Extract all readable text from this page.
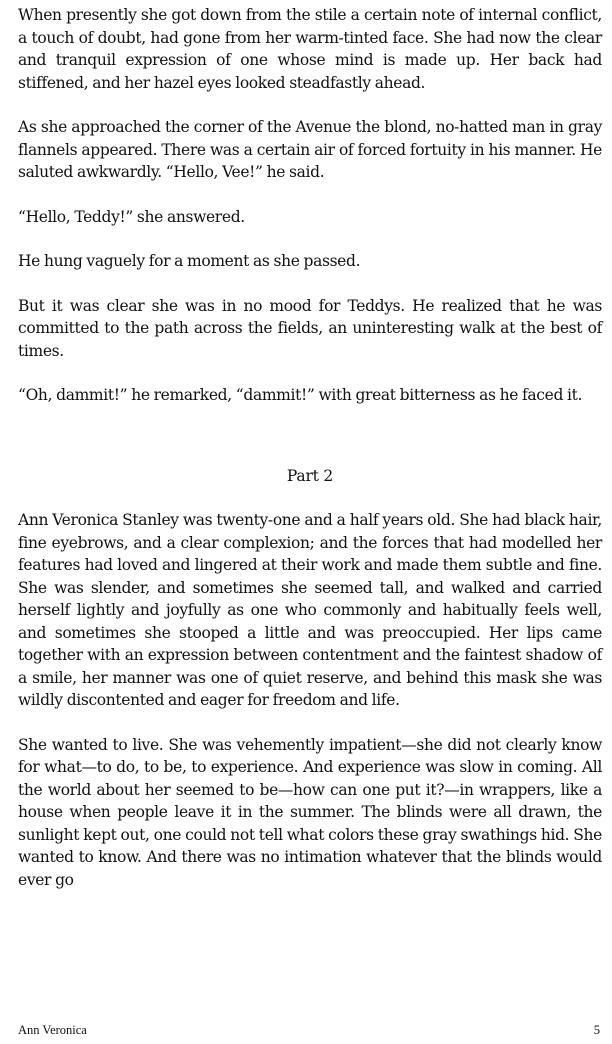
When presently she got down from the stile a certain note of internal conflict, a touch of doubt, had gone from her warm-tinted face. She had now the clear and tranquil expression of one whose mind is made up. Her back had stiffened, and her hazel eyes looked steadfastly ahead.

As she approached the corner of the Avenue the blond, no-hatted man in gray flannels appeared. There was a certain air of forced fortuity in his manner. He saluted awkwardly. “Hello, Vee!” he said.

“Hello, Teddy!” she answered.

He hung vaguely for a moment as she passed.

But it was clear she was in no mood for Teddys. He realized that he was committed to the path across the fields, an uninteresting walk at the best of times.

“Oh, dammit!” he remarked, “dammit!” with great bitterness as he faced it.

Part 2

Ann Veronica Stanley was twenty-one and a half years old. She had black hair, fine eyebrows, and a clear complexion; and the forces that had modelled her features had loved and lingered at their work and made them subtle and fine. She was slender, and sometimes she seemed tall, and walked and carried herself lightly and joyfully as one who commonly and habitually feels well, and sometimes she stooped a little and was preoccupied. Her lips came together with an expression between contentment and the faintest shadow of a smile, her manner was one of quiet reserve, and behind this mask she was wildly discontented and eager for freedom and life.

She wanted to live. She was vehemently impatient—she did not clearly know for what—to do, to be, to experience. And experience was slow in coming. All the world about her seemed to be—how can one put it?—in wrappers, like a house when people leave it in the summer. The blinds were all drawn, the sunlight kept out, one could not tell what colors these gray swathings hid. She wanted to know. And there was no intimation whatever that the blinds would ever go

Ann Veronica	5
